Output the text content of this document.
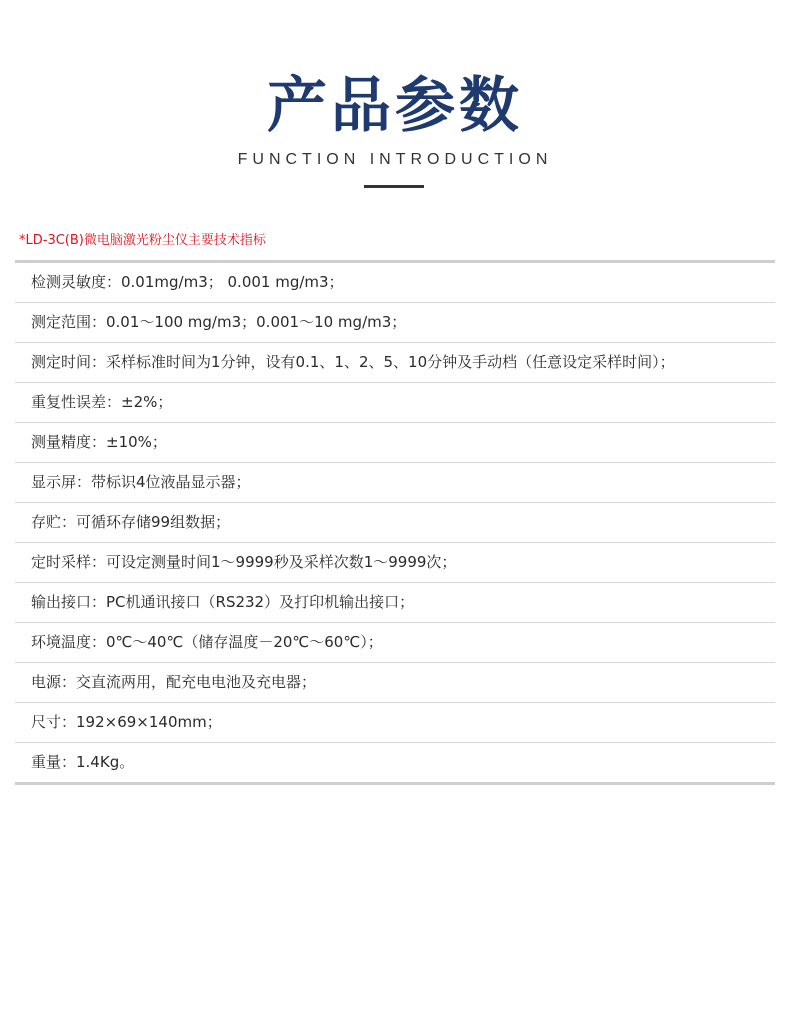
产品参数
FUNCTION INTRODUCTION
*LD-3C(B)微电脑激光粉尘仪主要技术指标
检测灵敏度：0.01mg/m3； 0.001 mg/m3；
测定范围：0.01～100 mg/m3；0.001～10 mg/m3；
测定时间：采样标准时间为1分钟，设有0.1、1、2、5、10分钟及手动档（任意设定采样时间）；
重复性误差：±2%；
测量精度：±10%；
显示屏：带标识4位液晶显示器；
存贮：可循环存储99组数据；
定时采样：可设定测量时间1～9999秒及采样次数1～9999次；
输出接口：PC机通讯接口（RS232）及打印机输出接口；
环境温度：0℃～40℃（储存温度－20℃～60℃）；
电源：交直流两用，配充电电池及充电器；
尺寸：192×69×140mm；
重量：1.4Kg。
